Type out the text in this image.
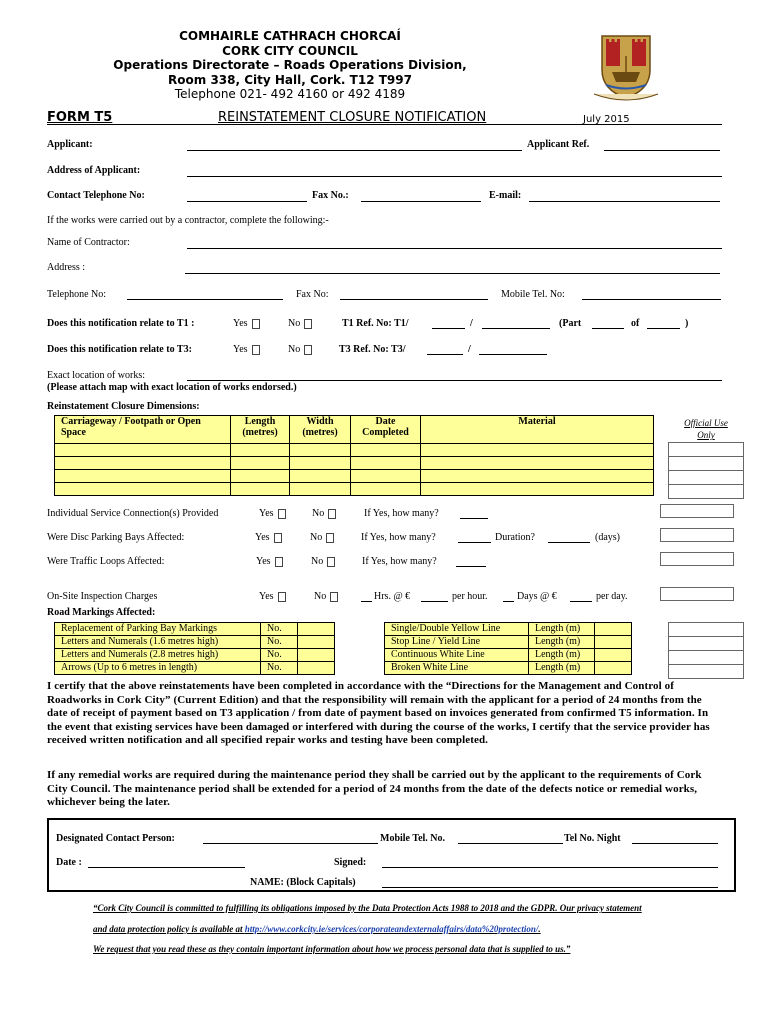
COMHAIRLE CATHRACH CHORCAÍ
CORK CITY COUNCIL
Operations Directorate – Roads Operations Division,
Room 338, City Hall, Cork. T12 T997
Telephone 021- 492 4160 or 492 4189
FORM T5	REINSTATEMENT CLOSURE NOTIFICATION	July 2015
Applicant:	Applicant Ref.
Address of Applicant:
Contact Telephone No:	Fax No.:	E-mail:
If the works were carried out by a contractor, complete the following:-
Name of Contractor:
Address :
Telephone No:	Fax No:	Mobile Tel. No:
Does this notification relate to T1 :	Yes	No	T1 Ref. No: T1/	/	(Part	of	)
Does this notification relate to T3:	Yes	No	T3 Ref. No: T3/	/
Exact location of works:
(Please attach map with exact location of works endorsed.)
Reinstatement Closure Dimensions:
Carriageway / Footpath or Open Space	Length (metres)	Width (metres)	Date Completed	Material

					Official Use Only
Individual Service Connection(s) Provided	Yes	No	If Yes, how many?
Were Disc Parking Bays Affected:	Yes	No	If Yes, how many?	Duration?	(days)
Were Traffic Loops Affected:	Yes	No	If Yes, how many?
On-Site Inspection Charges	Yes	No	Hrs. @ €	per hour.	Days @ €	per day.
Road Markings Affected:
Replacement of Parking Bay Markings	No.	
Letters and Numerals (1.6 metres high)	No.	
Letters and Numerals (2.8 metres high)	No.	
Arrows (Up to 6 metres in length)	No.	
Single/Double Yellow Line	Length (m)	
Stop Line / Yield Line	Length (m)	
Continuous White Line	Length (m)	
Broken White Line	Length (m)	
I certify that the above reinstatements have been completed in accordance with the “Directions for the Management and Control of Roadworks in Cork City” (Current Edition) and that the responsibility will remain with the applicant for a period of 24 months from the date of receipt of payment based on T3 application / from date of payment based on invoices generated from confirmed T5 information. In the event that existing services have been damaged or interfered with during the course of the works, I certify that the service provider has received written notification and all specified repair works and testing have been completed.
If any remedial works are required during the maintenance period they shall be carried out by the applicant to the requirements of Cork City Council. The maintenance period shall be extended for a period of 24 months from the date of the defects notice or remedial works, whichever being the later.
Designated Contact Person:	Mobile Tel. No.	Tel No. Night
Date :	Signed:
NAME: (Block Capitals)
“Cork City Council is committed to fulfilling its obligations imposed by the Data Protection Acts 1988 to 2018 and the GDPR. Our privacy statement
and data protection policy is available at http://www.corkcity.ie/services/corporateandexternalaffairs/data%20protection/.
We request that you read these as they contain important information about how we process personal data that is supplied to us.”
